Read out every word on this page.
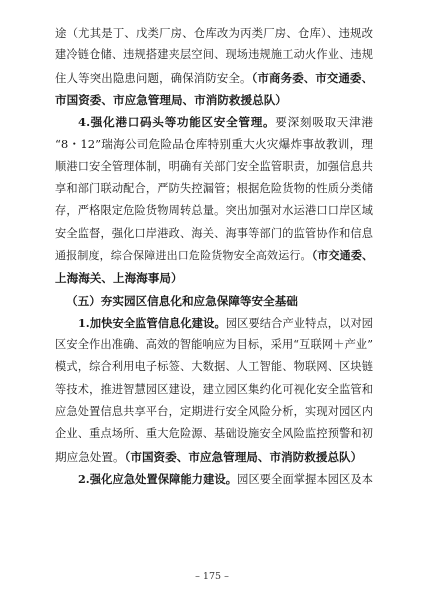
途（尤其是丁、戊类厂房、仓库改为丙类厂房、仓库）、违规改
建冷链仓储、违规搭建夹层空间、现场违规施工动火作业、违规
住人等突出隐患问题，确保消防安全。（市商务委、市交通委、
市国资委、市应急管理局、市消防救援总队）
4.强化港口码头等功能区安全管理。要深刻吸取天津港
“8・12”瑞海公司危险品仓库特别重大火灾爆炸事故教训，理
顺港口安全管理体制，明确有关部门安全监管职责，加强信息共
享和部门联动配合，严防失控漏管；根据危险货物的性质分类储
存，严格限定危险货物周转总量。突出加强对水运港口口岸区域
安全监督，强化口岸港政、海关、海事等部门的监管协作和信息
通报制度，综合保障进出口危险货物安全高效运行。（市交通委、
上海海关、上海海事局）
（五）夯实园区信息化和应急保障等安全基础
1.加快安全监管信息化建设。园区要结合产业特点，以对园
区安全作出准确、高效的智能响应为目标，采用“互联网＋产业”
模式，综合利用电子标签、大数据、人工智能、物联网、区块链
等技术，推进智慧园区建设，建立园区集约化可视化安全监管和
应急处置信息共享平台，定期进行安全风险分析，实现对园区内
企业、重点场所、重大危险源、基础设施安全风险监控预警和初
期应急处置。（市国资委、市应急管理局、市消防救援总队）
2.强化应急处置保障能力建设。园区要全面掌握本园区及本
– 175 –
